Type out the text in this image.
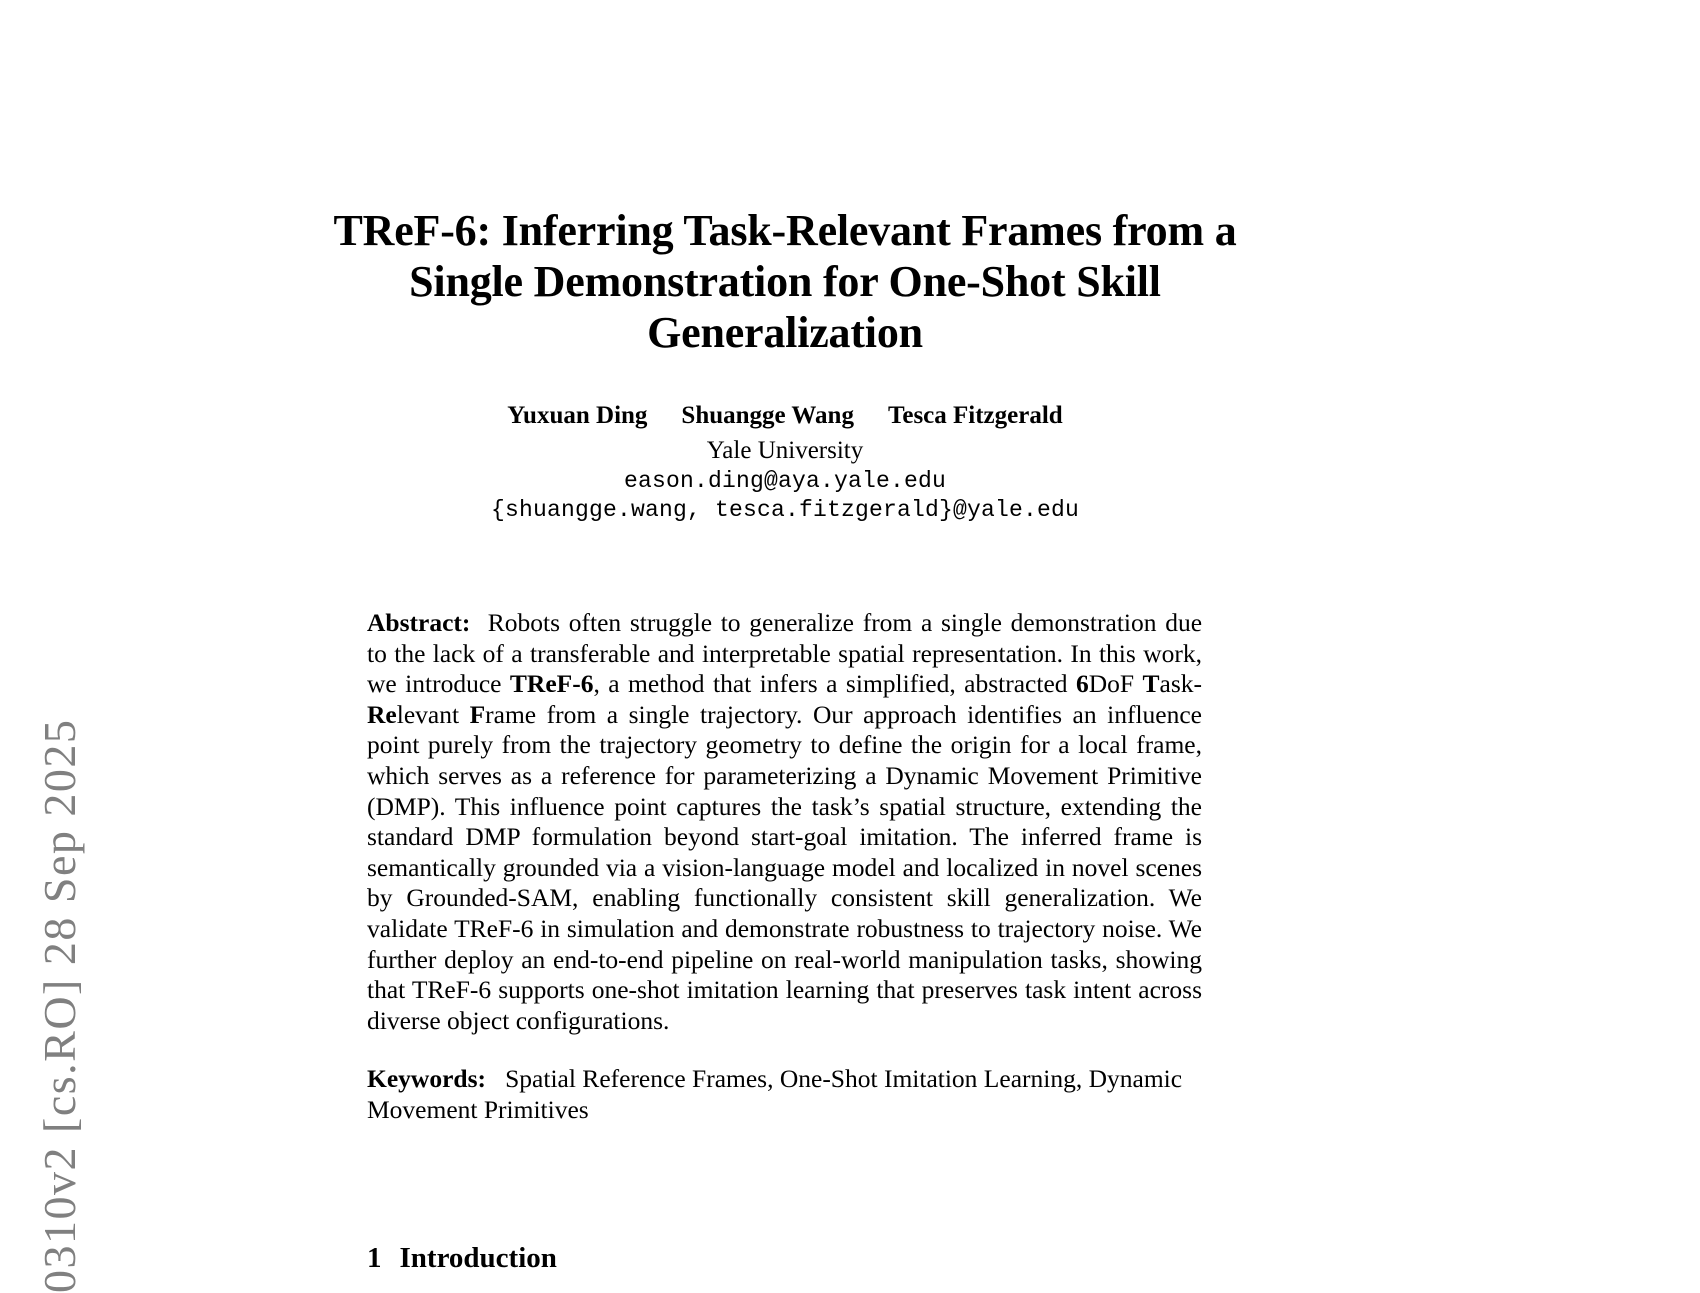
0310v2 [cs.RO] 28 Sep 2025
TReF-6: Inferring Task-Relevant Frames from a Single Demonstration for One-Shot Skill Generalization
Yuxuan Ding Shuangge Wang Tesca Fitzgerald
Yale University
eason.ding@aya.yale.edu
{shuangge.wang, tesca.fitzgerald}@yale.edu
Abstract: Robots often struggle to generalize from a single demonstration due to the lack of a transferable and interpretable spatial representation. In this work, we introduce TReF-6, a method that infers a simplified, abstracted 6DoF Task-Relevant Frame from a single trajectory. Our approach identifies an influence point purely from the trajectory geometry to define the origin for a local frame, which serves as a reference for parameterizing a Dynamic Movement Primitive (DMP). This influence point captures the task’s spatial structure, extending the standard DMP formulation beyond start-goal imitation. The inferred frame is semantically grounded via a vision-language model and localized in novel scenes by Grounded-SAM, enabling functionally consistent skill generalization. We validate TReF-6 in simulation and demonstrate robustness to trajectory noise. We further deploy an end-to-end pipeline on real-world manipulation tasks, showing that TReF-6 supports one-shot imitation learning that preserves task intent across diverse object configurations.
Keywords: Spatial Reference Frames, One-Shot Imitation Learning, Dynamic Movement Primitives
1 Introduction
